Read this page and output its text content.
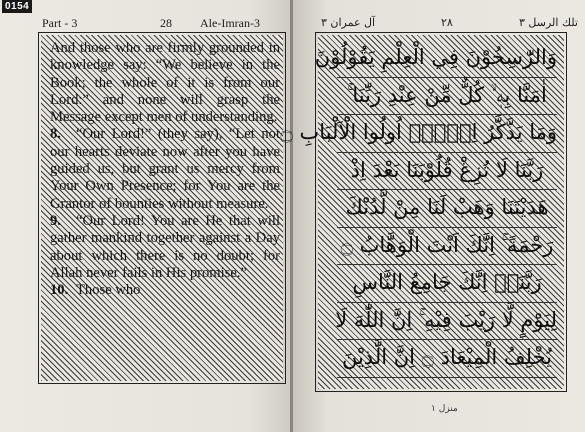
0154
Part - 3	28 Ale-Imran-3

And those who are firmly grounded in knowledge say: “We believe in the Book; the whole of it is from our Lord:” and none will grasp the Message except men of understanding.

8. “Our Lord!” (they say), “Let not our hearts deviate now after you have guided us, but grant us mercy from Your Own Presence; for You are the Grantor of bounties without measure.

9. “Our Lord! You are He that will gather mankind together against a Day about which there is no doubt; for Allah never fails in His promise.”

10. Those who

آل عمران ۳	۲۸	تلك الرسل ۳
وَالرّٰسِخُوْنَ فِي الْعِلْمِ يَقُوْلُوْنَ
اٰمَنَّا بِهٖ ۙ كُلٌّ مِّنْ عِنْدِ رَبِّنَا ۚ
وَمَا يَذَّكَّرُ اِلَّاۤ اُولُوا الْاَلْبَابِ ۝
رَبَّنَا لَا تُزِغْ قُلُوْبَنَا بَعْدَ اِذْ
هَدَيْتَنَا وَهَبْ لَنَا مِنْ لَّدُنْكَ
رَحْمَةً ۚ اِنَّكَ اَنْتَ الْوَهَّابُ ۝
رَبَّنَاۤ اِنَّكَ جَامِعُ النَّاسِ
لِيَوْمٍ لَّا رَيْبَ فِيْهِ ۚ اِنَّ اللّٰهَ لَا
يُخْلِفُ الْمِيْعَادَ ۝ اِنَّ الَّذِيْنَ
منزل ۱
